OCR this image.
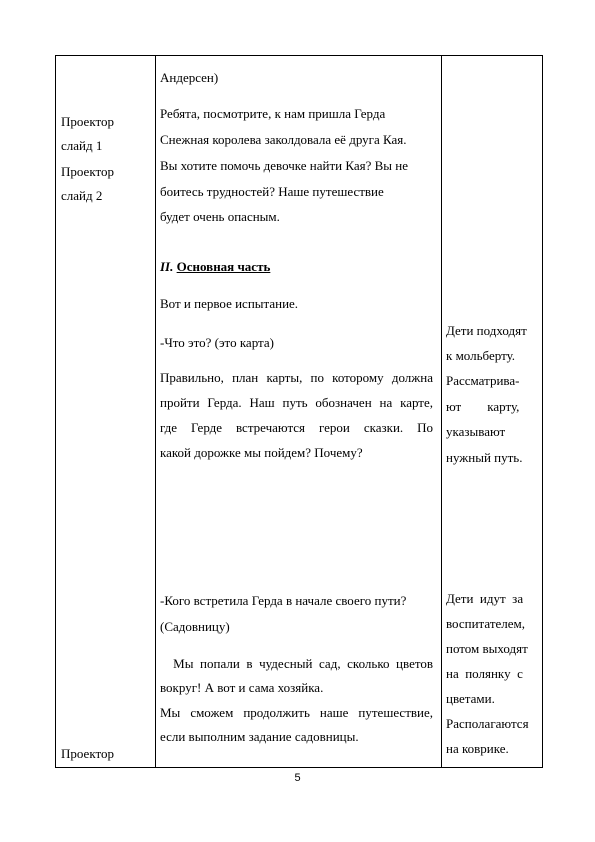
Проектор

слайд 1

Проектор

слайд 2

Проектор

Андерсен)

Ребята, посмотрите, к нам пришла Герда

Снежная королева заколдовала её друга Кая.

Вы хотите помочь девочке найти Кая? Вы не

боитесь трудностей? Наше путешествие

будет очень опасным.

II. Основная часть

Вот и первое испытание.

-Что это? (это карта)

Правильно, план карты, по которому должна

пройти Герда. Наш путь обозначен на карте,

где Герде встречаются герои сказки. По

какой дорожке мы пойдем? Почему?

-Кого встретила Герда в начале своего пути?

(Садовницу)

Мы попали в чудесный сад, сколько цветов

вокруг! А вот и сама хозяйка.

Мы сможем продолжить наше путешествие,

если выполним задание садовницы.

Дети подходят

к мольберту.

Рассматрива-

ют        карту,

указывают

нужный путь.

Дети  идут  за

воспитателем,

потом выходят

на  полянку  с

цветами.

Располагаются

на коврике.

5
